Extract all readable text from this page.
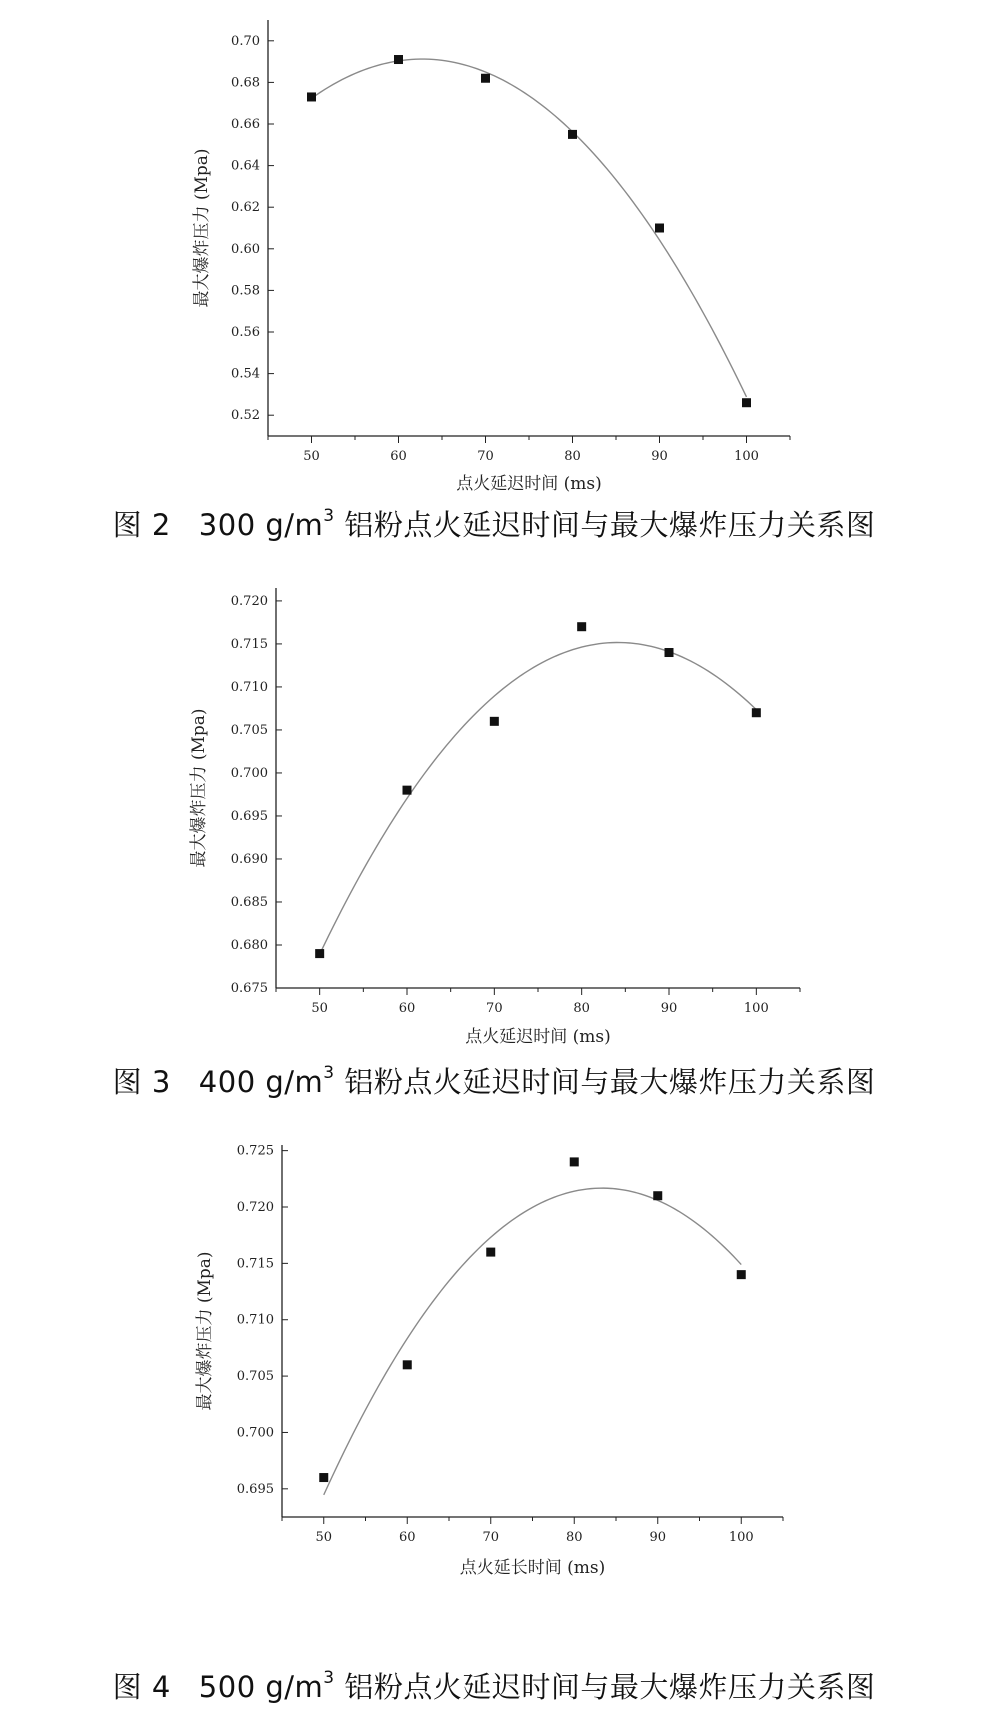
0.52
0.54
0.56
0.58
0.60
0.62
0.64
0.66
0.68
0.70
50	60	70	80	90	100
点火延迟时间 (ms)
最大爆炸压力 (Mpa)
图 2 300 $g/m^3$ 铝粉点火延迟时间与最大爆炸压力关系图
0.675
0.680
0.685
0.690
0.695
0.700
0.705
0.710
0.715
0.720
50	60	70	80	90	100
点火延迟时间 (ms)
最大爆炸压力 (Mpa)
图 3 400 $g/m^3$ 铝粉点火延迟时间与最大爆炸压力关系图
0.695
0.700
0.705
0.710
0.715
0.720
0.725
50	60	70	80	90	100
点火延长时间 (ms)
最大爆炸压力 (Mpa)
图 4 500 $g/m^3$ 铝粉点火延迟时间与最大爆炸压力关系图
